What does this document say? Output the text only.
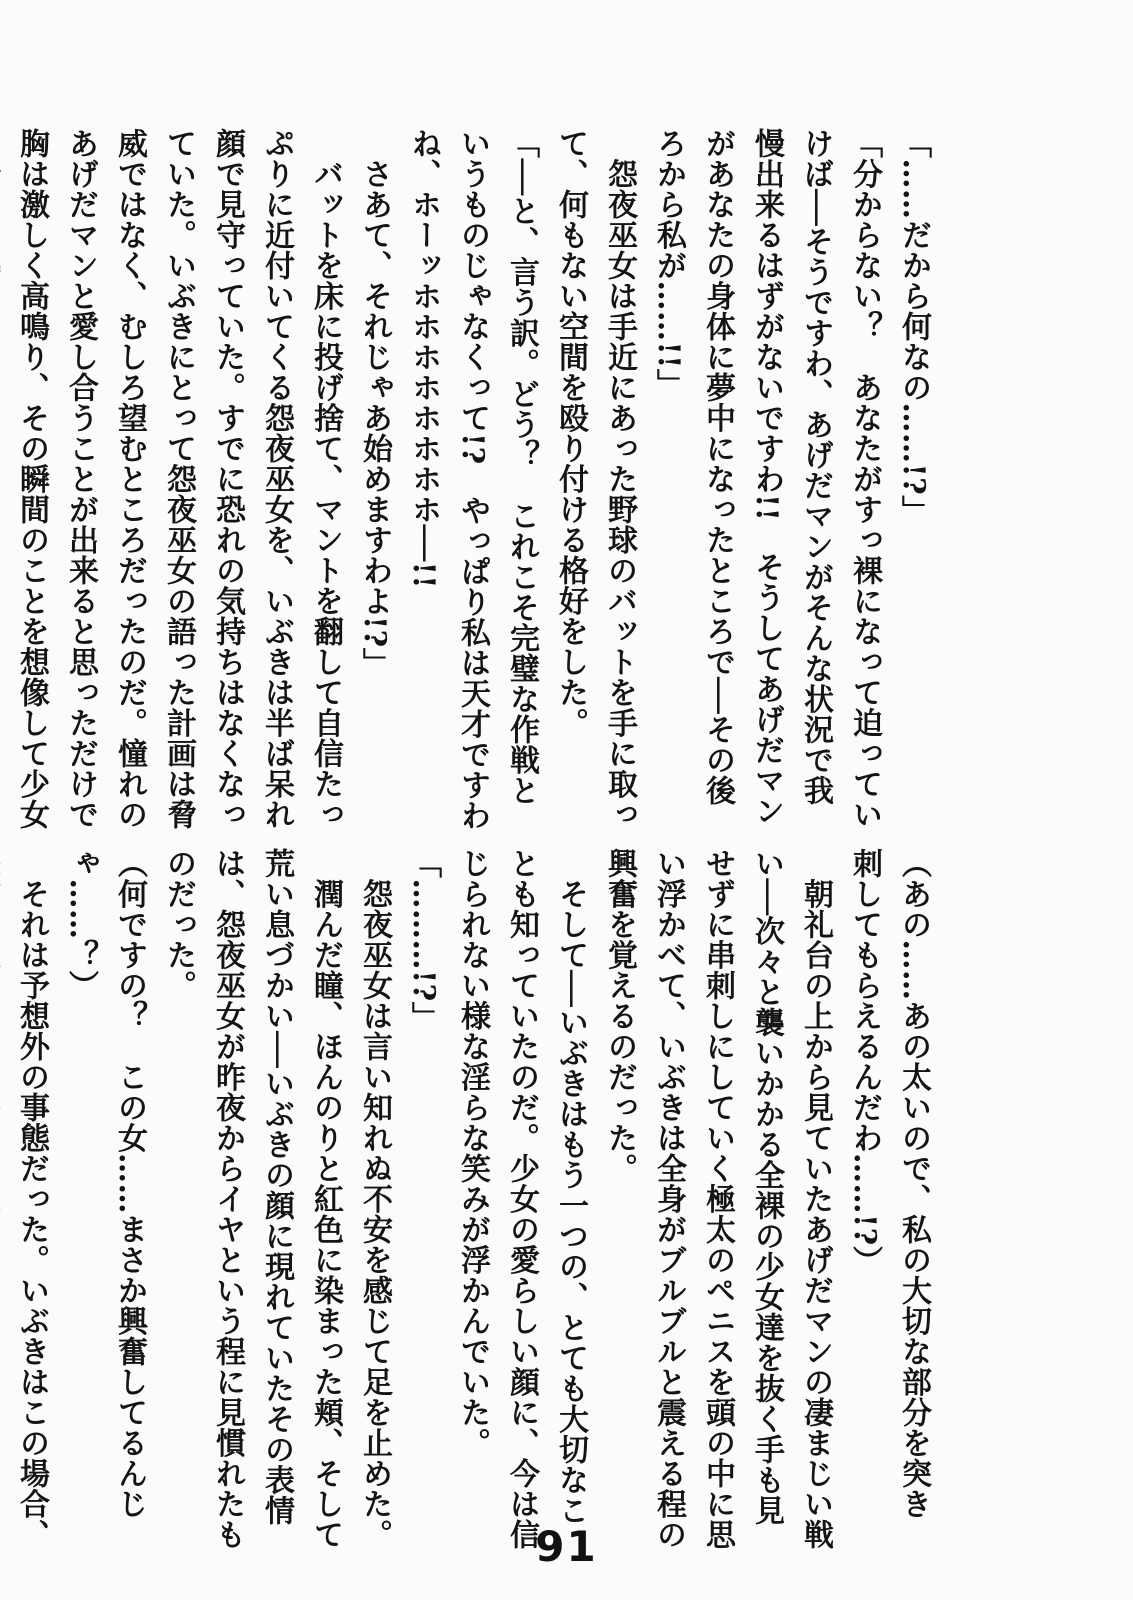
「……だから何なの……!?」
「分からない？　あなたがすっ裸になって迫ってい
けば──そうですわ、あげだマンがそんな状況で我
慢出来るはずがないですわ!!　そうしてあげだマン
があなたの身体に夢中になったところで──その後
ろから私が……!!」
　怨夜巫女は手近にあった野球のバットを手に取っ
て、何もない空間を殴り付ける格好をした。
「──と、言う訳。どう？　これこそ完璧な作戦と
いうものじゃなくって!?　やっぱり私は天才ですわ
ね、ホーッホホホホホホホホ──!!
　さあて、それじゃあ始めますわよ!?」
　バットを床に投げ捨て、マントを翻して自信たっ
ぷりに近付いてくる怨夜巫女を、いぶきは半ば呆れ
顔で見守っていた。すでに恐れの気持ちはなくなっ
ていた。いぶきにとって怨夜巫女の語った計画は脅
威ではなく、むしろ望むところだったのだ。憧れの
あげだマンと愛し合うことが出来ると思っただけで
胸は激しく高鳴り、その瞬間のことを想像して少女
（あの……あの太いので、私の大切な部分を突き
刺してもらえるんだわ……!?）
　朝礼台の上から見ていたあげだマンの凄まじい戦
い──次々と襲いかかる全裸の少女達を抜く手も見
せずに串刺しにしていく極太のペニスを頭の中に思
い浮かべて、いぶきは全身がブルブルと震える程の
興奮を覚えるのだった。
　そして──いぶきはもう一つの、とても大切なこ
とも知っていたのだ。少女の愛らしい顔に、今は信
じられない様な淫らな笑みが浮かんでいた。
「………!?」
　怨夜巫女は言い知れぬ不安を感じて足を止めた。
　潤んだ瞳、ほんのりと紅色に染まった頬、そして
荒い息づかい──いぶきの顔に現れていたその表情
は、怨夜巫女が昨夜からイヤという程に見慣れたも
のだった。
（何ですの？　この女……まさか興奮してるんじ
ゃ……？）
　それは予想外の事態だった。いぶきはこの場合、	91
